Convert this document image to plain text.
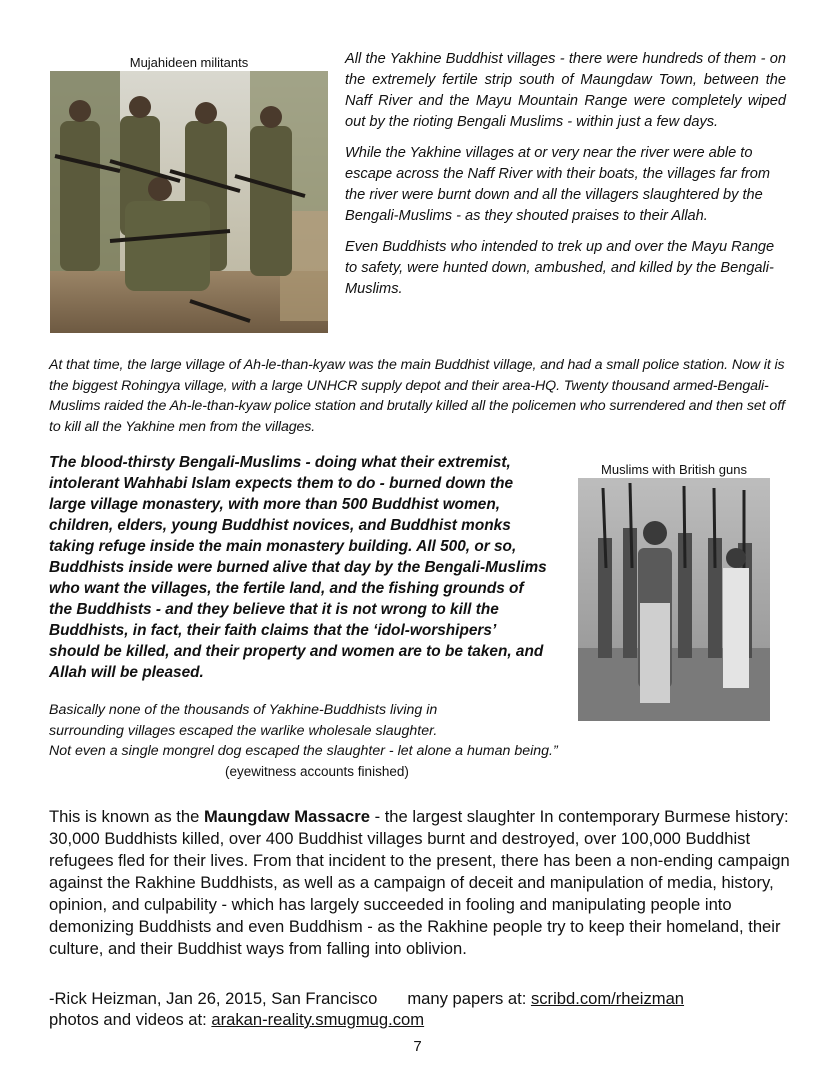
Mujahideen militants	All the Yakhine Buddhist villages - there were hundreds of them - on the extremely fertile strip south of Maungdaw Town, between the Naff River and the Mayu Mountain Range were completely wiped out by the rioting Bengali Muslims - within just a few days.

While the Yakhine villages at or very near the river were able to escape across the Naff River with their boats, the villages far from the river were burnt down and all the villagers slaughtered by the Bengali-Muslims - as they shouted praises to their Allah.

Even Buddhists who intended to trek up and over the Mayu Range to safety, were hunted down, ambushed, and killed by the Bengali-Muslims.

At that time, the large village of Ah-le-than-kyaw was the main Buddhist village, and had a small police station. Now it is the biggest Rohingya village, with a large UNHCR supply depot and their area-HQ. Twenty thousand armed-Bengali-Muslims raided the Ah-le-than-kyaw police station and brutally killed all the policemen who surrendered and then set off to kill all the Yakhine men from the villages.

The blood-thirsty Bengali-Muslims - doing what their extremist, intolerant Wahhabi Islam expects them to do - burned down the large village monastery, with more than 500 Buddhist women, children, elders, young Buddhist novices, and Buddhist monks taking refuge inside the main monastery building. All 500, or so, Buddhists inside were burned alive that day by the Bengali-Muslims who want the villages, the fertile land, and the fishing grounds of the Buddhists - and they believe that it is not wrong to kill the Buddhists, in fact, their faith claims that the ‘idol-worshipers’ should be killed, and their property and women are to be taken, and Allah will be pleased.

Muslims with British guns

Basically none of the thousands of Yakhine-Buddhists living in

surrounding villages escaped the warlike wholesale slaughter.

Not even a single mongrel dog escaped the slaughter - let alone a human being.”

(eyewitness accounts finished)

This is known as the Maungdaw Massacre - the largest slaughter In contemporary Burmese history: 30,000 Buddhists killed, over 400 Buddhist villages burnt and destroyed, over 100,000 Buddhist refugees fled for their lives. From that incident to the present, there has been a non-ending campaign against the Rakhine Buddhists, as well as a campaign of deceit and manipulation of media, history, opinion, and culpability - which has largely succeeded in fooling and manipulating people into demonizing Buddhists and even Buddhism - as the Rakhine people try to keep their homeland, their culture, and their Buddhist ways from falling into oblivion.

-Rick Heizman, Jan 26, 2015, San Francisco many papers at: scribd.com/rheizman
photos and videos at: arakan-reality.smugmug.com
7
